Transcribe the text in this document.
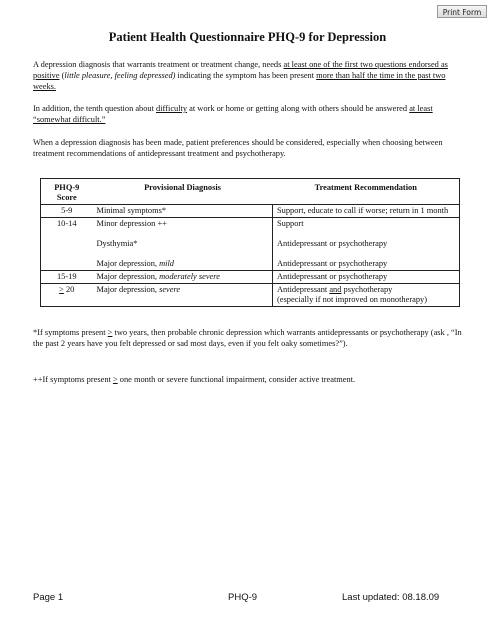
Print Form
Patient Health Questionnaire PHQ-9 for Depression
A depression diagnosis that warrants treatment or treatment change, needs at least one of the first two questions endorsed as positive (little pleasure, feeling depressed) indicating the symptom has been present more than half the time in the past two weeks.
In addition, the tenth question about difficulty at work or home or getting along with others should be answered at least “somewhat difficult.”
When a depression diagnosis has been made, patient preferences should be considered, especially when choosing between treatment recommendations of antidepressant treatment and psychotherapy.
PHQ-9 Score	Provisional Diagnosis	Treatment Recommendation
5-9	Minimal symptoms*	Support, educate to call if worse; return in 1 month
10-14	Minor depression ++	Support
	Dysthymia*	Antidepressant or psychotherapy
	Major depression, mild	Antidepressant or psychotherapy
15-19	Major depression, moderately severe	Antidepressant or psychotherapy
> 20	Major depression, severe	Antidepressant and psychotherapy
(especially if not improved on monotherapy)
*If symptoms present > two years, then probable chronic depression which warrants antidepressants or psychotherapy (ask , “In the past 2 years have you felt depressed or sad most days, even if you felt oaky sometimes?”).
++If symptoms present > one month or severe functional impairment, consider active treatment.
Page 1	PHQ-9	Last updated: 08.18.09
